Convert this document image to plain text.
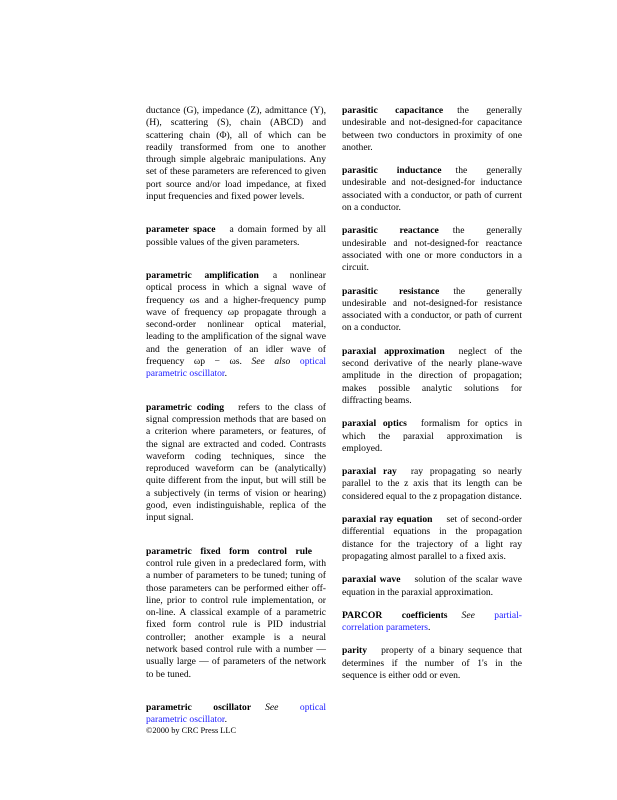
ductance (G), impedance (Z), admittance (Y), (H), scattering (S), chain (ABCD) and scattering chain (Φ), all of which can be readily transformed from one to another through simple algebraic manipulations. Any set of these parameters are referenced to given port source and/or load impedance, at fixed input frequencies and fixed power levels.

parameter space a domain formed by all possible values of the given parameters.

parametric amplification a nonlinear optical process in which a signal wave of frequency ωs and a higher-frequency pump wave of frequency ωp propagate through a second-order nonlinear optical material, leading to the amplification of the signal wave and the generation of an idler wave of frequency ωp − ωs. See also optical parametric oscillator.

parametric coding refers to the class of signal compression methods that are based on a criterion where parameters, or features, of the signal are extracted and coded. Contrasts waveform coding techniques, since the reproduced waveform can be (analytically) quite different from the input, but will still be a subjectively (in terms of vision or hearing) good, even indistinguishable, replica of the input signal.

parametric fixed form control rulecontrol rule given in a predeclared form, with a number of parameters to be tuned; tuning of those parameters can be performed either off-line, prior to control rule implementation, or on-line. A classical example of a parametric fixed form control rule is PID industrial controller; another example is a neural network based control rule with a number — usually large — of parameters of the network to be tuned.

parametric oscillator See optical parametric oscillator.

parasitic capacitance the generally undesirable and not-designed-for capacitance between two conductors in proximity of one another.

parasitic inductance the generally undesirable and not-designed-for inductance associated with a conductor, or path of current on a conductor.

parasitic reactance the generally undesirable and not-designed-for reactance associated with one or more conductors in a circuit.

parasitic resistance the generally undesirable and not-designed-for resistance associated with a conductor, or path of current on a conductor.

paraxial approximation neglect of the second derivative of the nearly plane-wave amplitude in the direction of propagation; makes possible analytic solutions for diffracting beams.

paraxial optics formalism for optics in which the paraxial approximation is employed.

paraxial ray ray propagating so nearly parallel to the z axis that its length can be considered equal to the z propagation distance.

paraxial ray equation set of second-order differential equations in the propagation distance for the trajectory of a light ray propagating almost parallel to a fixed axis.

paraxial wave solution of the scalar wave equation in the paraxial approximation.

PARCOR coefficients See partial-correlation parameters.

parity property of a binary sequence that determines if the number of 1's in the sequence is either odd or even.

©2000 by CRC Press LLC
